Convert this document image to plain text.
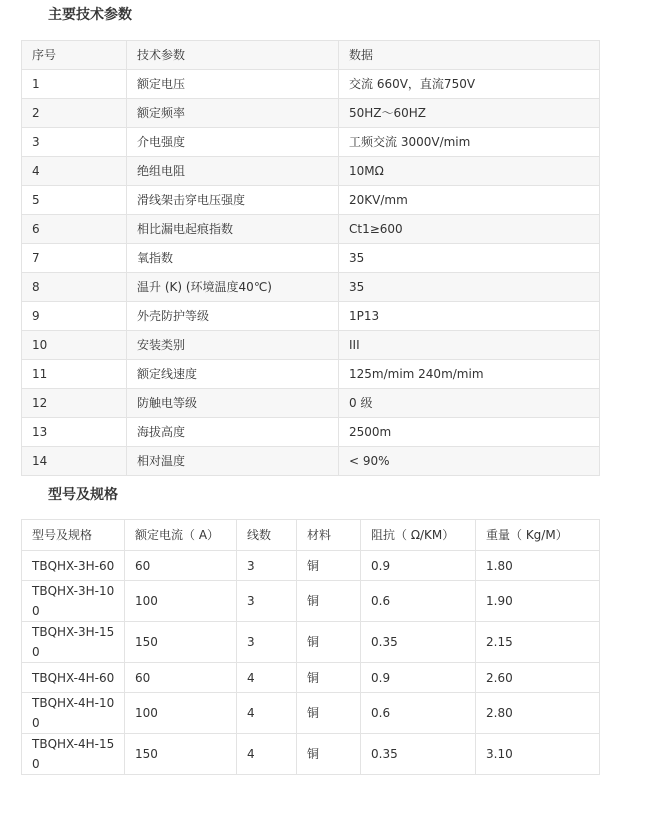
主要技术参数
序号	技术参数	数据
1	额定电压	交流 660V，直流750V
2	额定频率	50HZ～60HZ
3	介电强度	工频交流 3000V/mim
4	绝组电阻	10MΩ
5	滑线架击穿电压强度	20KV/mm
6	相比漏电起痕指数	Ct1≥600
7	氧指数	35
8	温升 (K) (环境温度40℃)	35
9	外壳防护等级	1P13
10	安装类别	III
11	额定线速度	125m/mim 240m/mim
12	防触电等级	0 级
13	海拔高度	2500m
14	相对温度	< 90%
型号及规格
型号及规格	额定电流（ A）	线数	材料	阻抗（ Ω/KM）	重量（ Kg/M）
TBQHX-3H-60	60	3	铜	0.9	1.80
TBQHX-3H-100	100	3	铜	0.6	1.90
TBQHX-3H-150	150	3	铜	0.35	2.15
TBQHX-4H-60	60	4	铜	0.9	2.60
TBQHX-4H-100	100	4	铜	0.6	2.80
TBQHX-4H-150	150	4	铜	0.35	3.10
